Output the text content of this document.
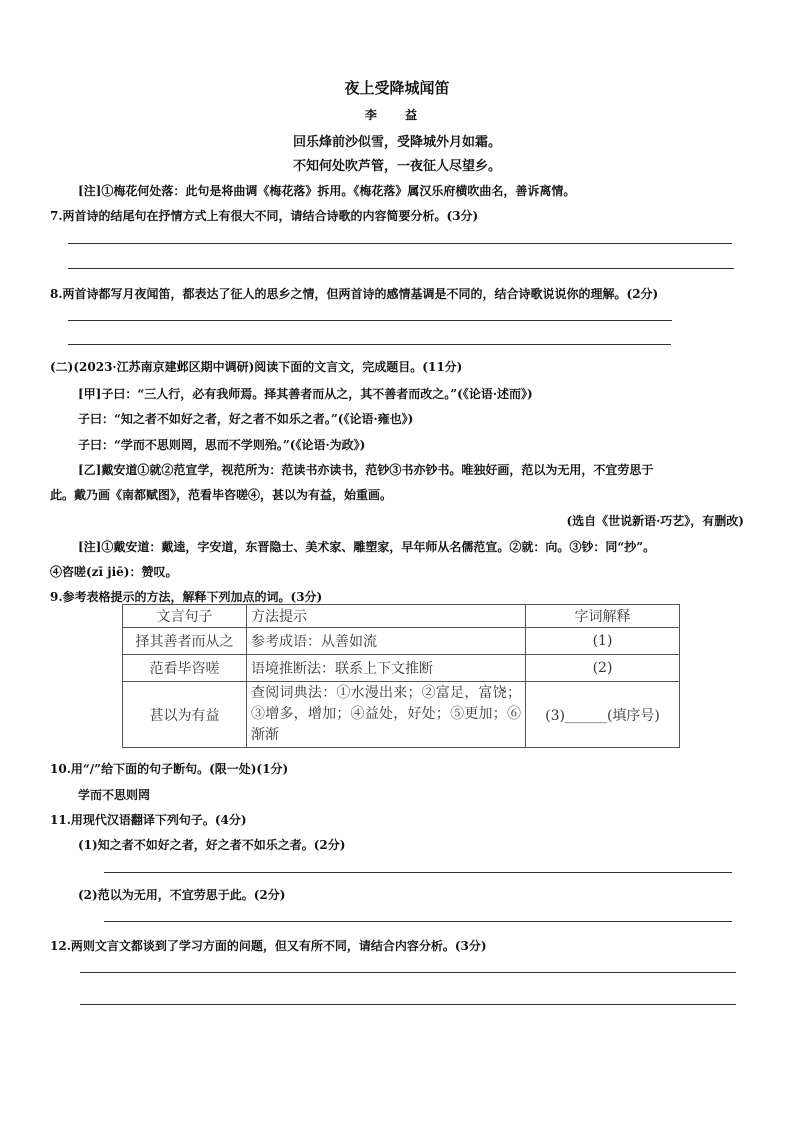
夜上受降城闻笛
李 益
回乐烽前沙似雪，受降城外月如霜。
不知何处吹芦管，一夜征人尽望乡。
[注]①梅花何处落：此句是将曲调《梅花落》拆用。《梅花落》属汉乐府横吹曲名，善诉离情。
7.两首诗的结尾句在抒情方式上有很大不同，请结合诗歌的内容简要分析。(3分)
8.两首诗都写月夜闻笛，都表达了征人的思乡之情，但两首诗的感情基调是不同的，结合诗歌说说你的理解。(2分)
(二)(2023·江苏南京建邺区期中调研)阅读下面的文言文，完成题目。(11分)
[甲]子曰：“三人行，必有我师焉。择其善者而从之，其不善者而改之。”(《论语·述而》)
子曰：“知之者不如好之者，好之者不如乐之者。”(《论语·雍也》)
子曰：“学而不思则罔，思而不学则殆。”(《论语·为政》)
[乙]戴安道①就②范宣学，视范所为：范读书亦读书，范钞③书亦钞书。唯独好画，范以为无用，不宜劳思于
此。戴乃画《南都赋图》，范看毕咨嗟④，甚以为有益，始重画。
(选自《世说新语·巧艺》，有删改)
[注]①戴安道：戴逵，字安道，东晋隐士、美术家、雕塑家，早年师从名儒范宣。②就：向。③钞：同“抄”。
④咨嗟(zī jiē)：赞叹。
9.参考表格提示的方法，解释下列加点的词。(3分)
文言句子	方法提示	字词解释
择其善者而从之	参考成语：从善如流	(1)
范看毕咨嗟	语境推断法：联系上下文推断	(2)
甚以为有益	查阅词典法：①水漫出来；②富足，富饶；③增多，增加；④益处，好处；⑤更加；⑥渐渐	(3)______(填序号)
10.用“/”给下面的句子断句。(限一处)(1分)
学而不思则罔
11.用现代汉语翻译下列句子。(4分)
(1)知之者不如好之者，好之者不如乐之者。(2分)
(2)范以为无用，不宜劳思于此。(2分)
12.两则文言文都谈到了学习方面的问题，但又有所不同，请结合内容分析。(3分)
